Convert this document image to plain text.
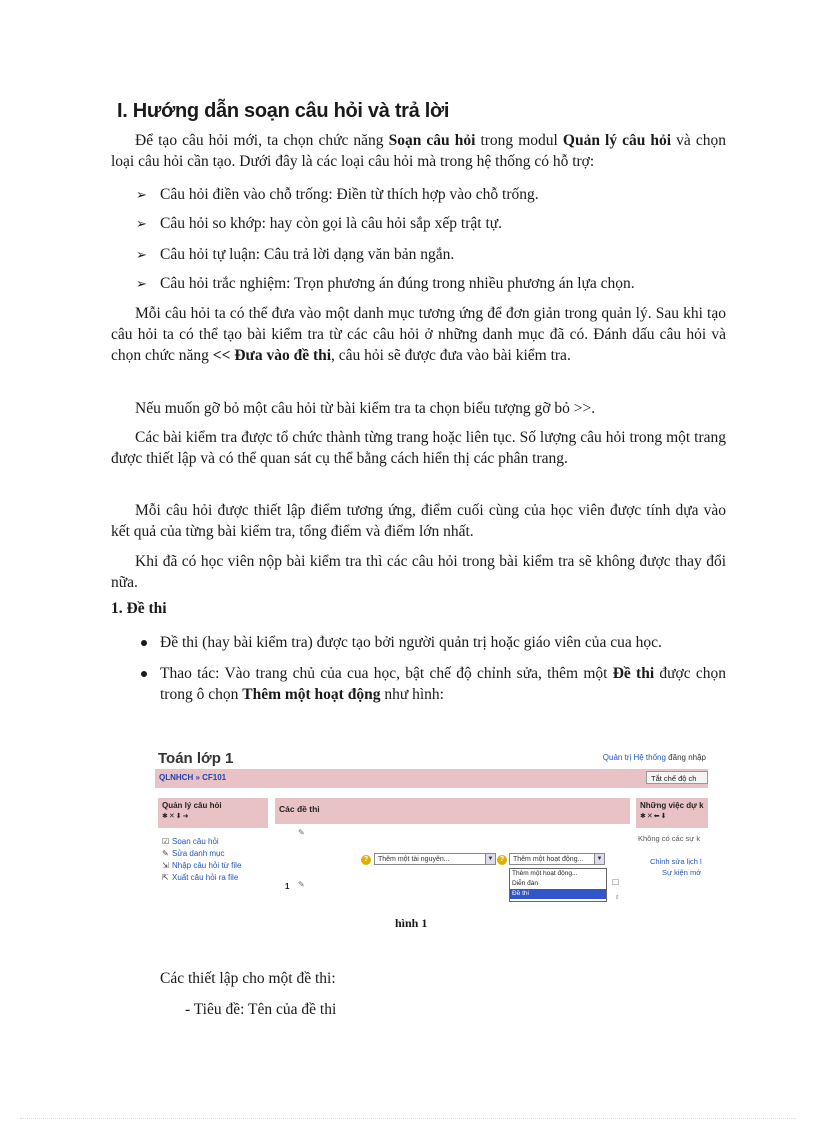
I. Hướng dẫn soạn câu hỏi và trả lời

Để tạo câu hỏi mới, ta chọn chức năng Soạn câu hỏi trong modul Quản lý câu hỏi và chọn loại câu hỏi cần tạo. Dưới đây là các loại câu hỏi mà trong hệ thống có hỗ trợ:

➢ Câu hỏi điền vào chỗ trống: Điền từ thích hợp vào chỗ trống.

➢ Câu hỏi so khớp: hay còn gọi là câu hỏi sắp xếp trật tự.

➢ Câu hỏi tự luận: Câu trả lời dạng văn bản ngắn.

➢ Câu hỏi trắc nghiệm: Trọn phương án đúng trong nhiều phương án lựa chọn.

Mỗi câu hỏi ta có thể đưa vào một danh mục tương ứng để đơn giản trong quản lý. Sau khi tạo câu hỏi ta có thể tạo bài kiểm tra từ các câu hỏi ở những danh mục đã có. Đánh dấu câu hỏi và chọn chức năng << Đưa vào đề thi, câu hỏi sẽ được đưa vào bài kiểm tra.

Nếu muốn gỡ bỏ một câu hỏi từ bài kiểm tra ta chọn biểu tượng gỡ bỏ >>.

Các bài kiểm tra được tổ chức thành từng trang hoặc liên tục. Số lượng câu hỏi trong một trang được thiết lập và có thể quan sát cụ thể bằng cách hiển thị các phân trang.

Mỗi câu hỏi được thiết lập điểm tương ứng, điểm cuối cùng của học viên được tính dựa vào kết quả của từng bài kiểm tra, tổng điểm và điểm lớn nhất.

Khi đã có học viên nộp bài kiểm tra thì các câu hỏi trong bài kiểm tra sẽ không được thay đổi nữa.

1. Đề thi

Đề thi (hay bài kiểm tra) được tạo bởi người quản trị hoặc giáo viên của cua học.

Thao tác: Vào trang chủ của cua học, bật chế độ chỉnh sửa, thêm một Đề thi được chọn trong ô chọn Thêm một hoạt động như hình:

Toán lớp 1	Quản trị Hệ thống đăng nhập
QLNHCH » CF101	Tắt chế độ ch
Quản lý câu hỏi
✱✕⬇➜
☑ Soạn câu hỏi
✎ Sửa danh mục
⇲ Nhập câu hỏi từ file
⇱ Xuất câu hỏi ra file
Các đề thi
✎
?	Thêm một tài nguyên...	▼ ?	Thêm một hoạt động...	▼
Thêm một hoạt động...
Diễn đàn
Đề thi
1 ✎	☐
♁
Những việc dự k
✱✕⬅⬇
Không có các sự k
Chỉnh sửa lịch l
Sự kiện mớ
hình 1

Các thiết lập cho một đề thi:

- Tiêu đề: Tên của đề thi
